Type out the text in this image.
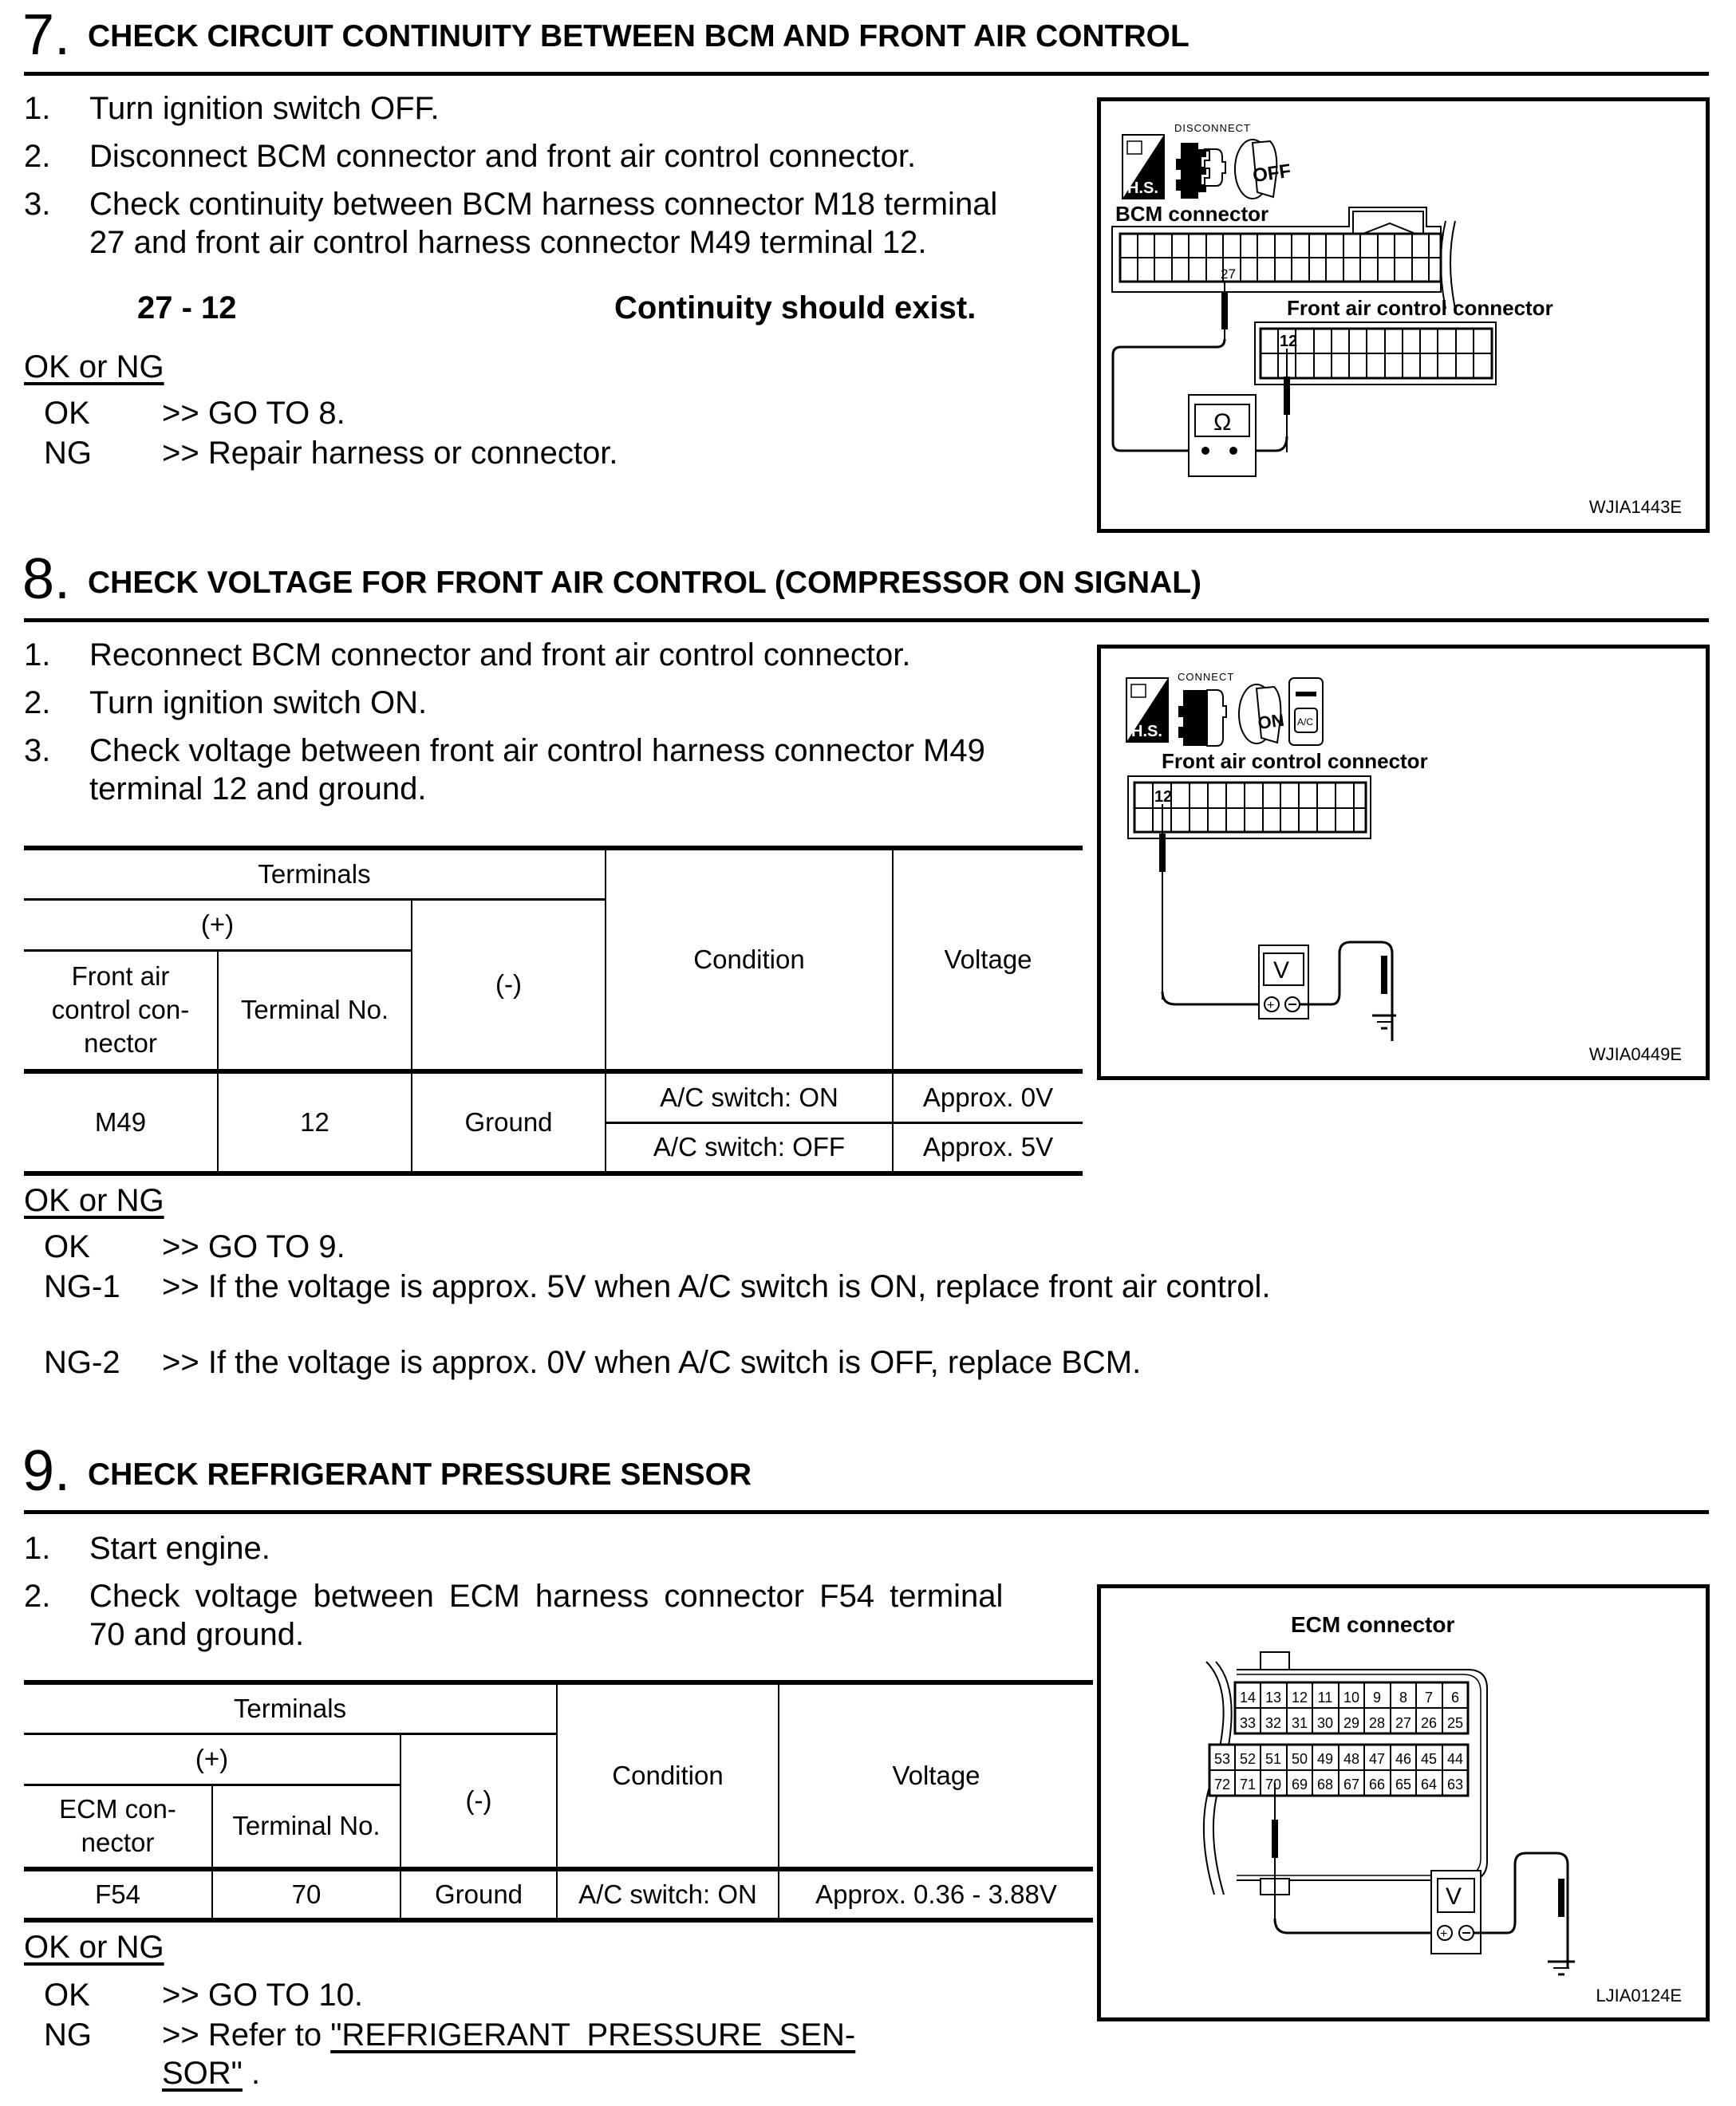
7. CHECK CIRCUIT CONTINUITY BETWEEN BCM AND FRONT AIR CONTROL
1. Turn ignition switch OFF.
2. Disconnect BCM connector and front air control connector.
3. Check continuity between BCM harness connector M18 terminal
27 and front air control harness connector M49 terminal 12.
27 - 12	Continuity should exist.
OK or NG
OK >> GO TO 8.
NG >> Repair harness or connector.
H.S.
DISCONNECT
OFF
BCM connector
27
Front air control connector
12
Ω
WJIA1443E
8. CHECK VOLTAGE FOR FRONT AIR CONTROL (COMPRESSOR ON SIGNAL)
1. Reconnect BCM connector and front air control connector.
2. Turn ignition switch ON.
3. Check voltage between front air control harness connector M49
terminal 12 and ground.
Terminals			Condition	Voltage
(+)		(-)		

Front air
control con-
nector	Terminal No.			
M49	12	Ground	A/C switch: ON	Approx. 0V
			A/C switch: OFF	Approx. 5V
OK or NG
OK >> GO TO 9.
NG-1 >> If the voltage is approx. 5V when A/C switch is ON, replace front air control.
NG-2 >> If the voltage is approx. 0V when A/C switch is OFF, replace BCM.
H.S.
CONNECT
ON A/C
Front air control connector
12
V
+
WJIA0449E
9. CHECK REFRIGERANT PRESSURE SENSOR
1. Start engine.
2. Check voltage between ECM harness connector F54 terminal
70 and ground.
Terminals			Condition	Voltage
(+)		(-)		

ECM con-
nector	Terminal No.			
F54	70	Ground	A/C switch: ON	Approx. 0.36 - 3.88V
OK or NG
OK >> GO TO 10.
NG >> Refer to "REFRIGERANT PRESSURE SEN-
SOR" .
ECM connector
14 13 12 11 10 9 8 7 6
33 32 31 30 29 28 27 26 25
53 52 51 50 49 48 47 46 45 44
72 71 70 69 68 67 66 65 64 63
V
+
LJIA0124E
